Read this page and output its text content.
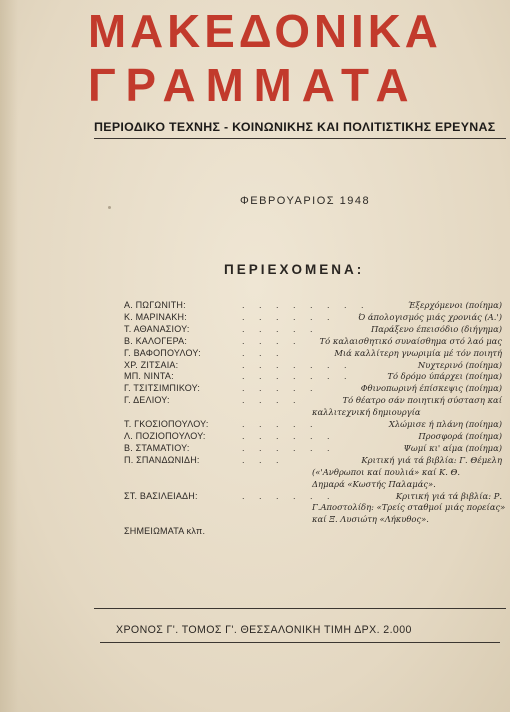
ΜΑΚΕΔΟΝΙΚΑ
ΓΡΑΜΜΑΤΑ
ΠΕΡΙΟΔΙΚΟ ΤΕΧΝΗΣ - ΚΟΙΝΩΝΙΚΗΣ ΚΑΙ ΠΟΛΙΤΙΣΤΙΚΗΣ ΕΡΕΥΝΑΣ
ΦΕΒΡΟΥΑΡΙΟΣ 1948
ΠΕΡΙΕΧΟΜΕΝΑ:
Α. ΠΩΓΩΝΙΤΗ:	. . . . . . . .	Έξερχόμενοι (ποίημα)
Κ. ΜΑΡΙΝΑΚΗ:	. . . . . .	Ό άπολογισμός μιάς χρονιάς (Α.')
Τ. ΑΘΑΝΑΣΙΟΥ:	. . . . .	Παράξενο έπεισόδιο (διήγημα)
Β. ΚΑΛΟΓΕΡΑ:	. . . .	Τό καλαισθητικό συναίσθημα στό λαό μας
Γ. ΒΑΦΟΠΟΥΛΟΥ:	. . .	Μιά καλλίτερη γνωριμία μέ τόν ποιητή
ΧΡ. ΖΙΤΣΑΙΑ:	. . . . . . .	Νυχτερινό (ποίημα)
ΜΠ. ΝΙΝΤΑ:	. . . . . . .	Τό δρόμο ύπάρχει (ποίημα)
Γ. ΤΣΙΤΣΙΜΠΙΚΟΥ:	. . . . .	Φθινοπωρινή έπίσκεψις (ποίημα)
Γ. ΔΕΛΙΟΥ:	. . . .	Τό θέατρο σάν ποιητική σύσταση καί
καλλιτεχνική δημιουργία
Τ. ΓΚΟΣΙΟΠΟΥΛΟΥ:	. . . . .	Χλώμισε ή πλάνη (ποίημα)
Λ. ΠΟΖΙΟΠΟΥΛΟΥ:	. . . . . .	Προσφορά (ποίημα)
Β. ΣΤΑΜΑΤΙΟΥ:	. . . . . .	Ψωμί κι' αίμα (ποίημα)
Π. ΣΠΑΝΔΩΝΙΔΗ:	. . .	Κριτική γιά τά βιβλία: Γ. Θέμελη
(«'Ανθρωποι καί πουλιά» καί Κ. Θ.
Δημαρά «Κωστής Παλαμάς».
ΣΤ. ΒΑΣΙΛΕΙΑΔΗ:	. . . . . .	Κριτική γιά τά βιβλία: Ρ.
Γ.Αποστολίδη: «Τρείς σταθμοί μιάς πορείας»
καί Ξ. Λυσιώτη «Λήκυθος».
ΣΗΜΕΙΩΜΑΤΑ κλπ.
ΧΡΟΝΟΣ Γ'. ΤΟΜΟΣ Γ'. ΘΕΣΣΑΛΟΝΙΚΗ ΤΙΜΗ ΔΡΧ. 2.000
